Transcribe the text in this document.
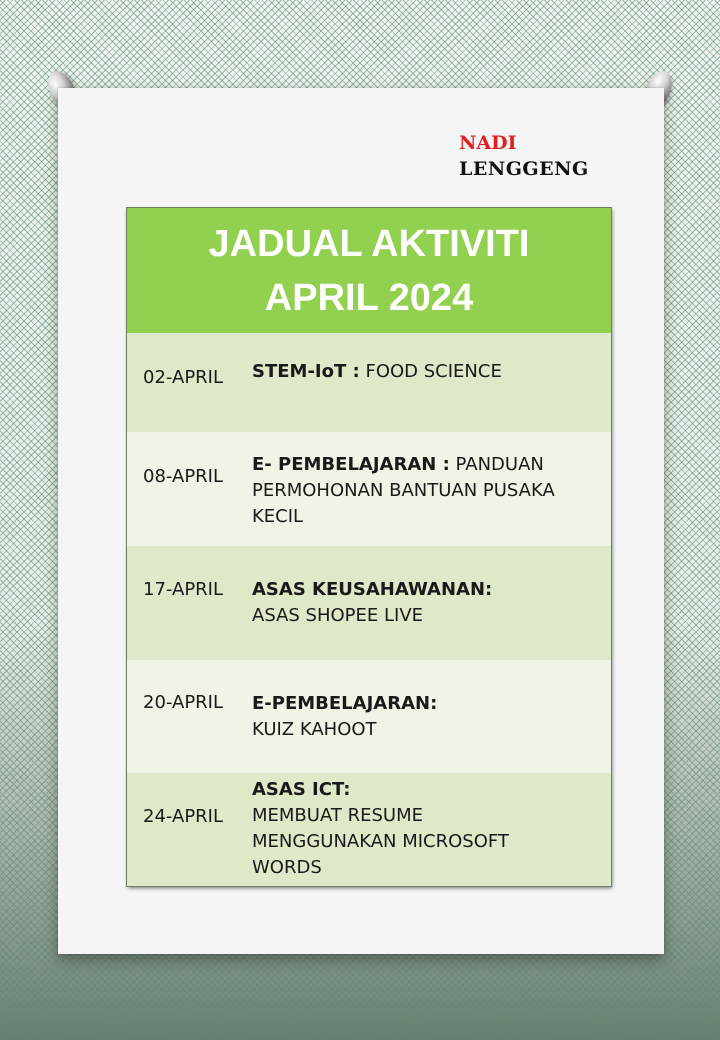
NADI
LENGGENG
JADUAL AKTIVITI
APRIL 2024
02-APRIL STEM-IoT : FOOD SCIENCE
08-APRIL
E- PEMBELAJARAN : PANDUAN PERMOHONAN BANTUAN PUSAKA KECIL
17-APRIL ASAS KEUSAHAWANAN:
ASAS SHOPEE LIVE
20-APRIL E-PEMBELAJARAN:
KUIZ KAHOOT
24-APRIL
ASAS ICT:
MEMBUAT RESUME MENGGUNAKAN MICROSOFT WORDS
